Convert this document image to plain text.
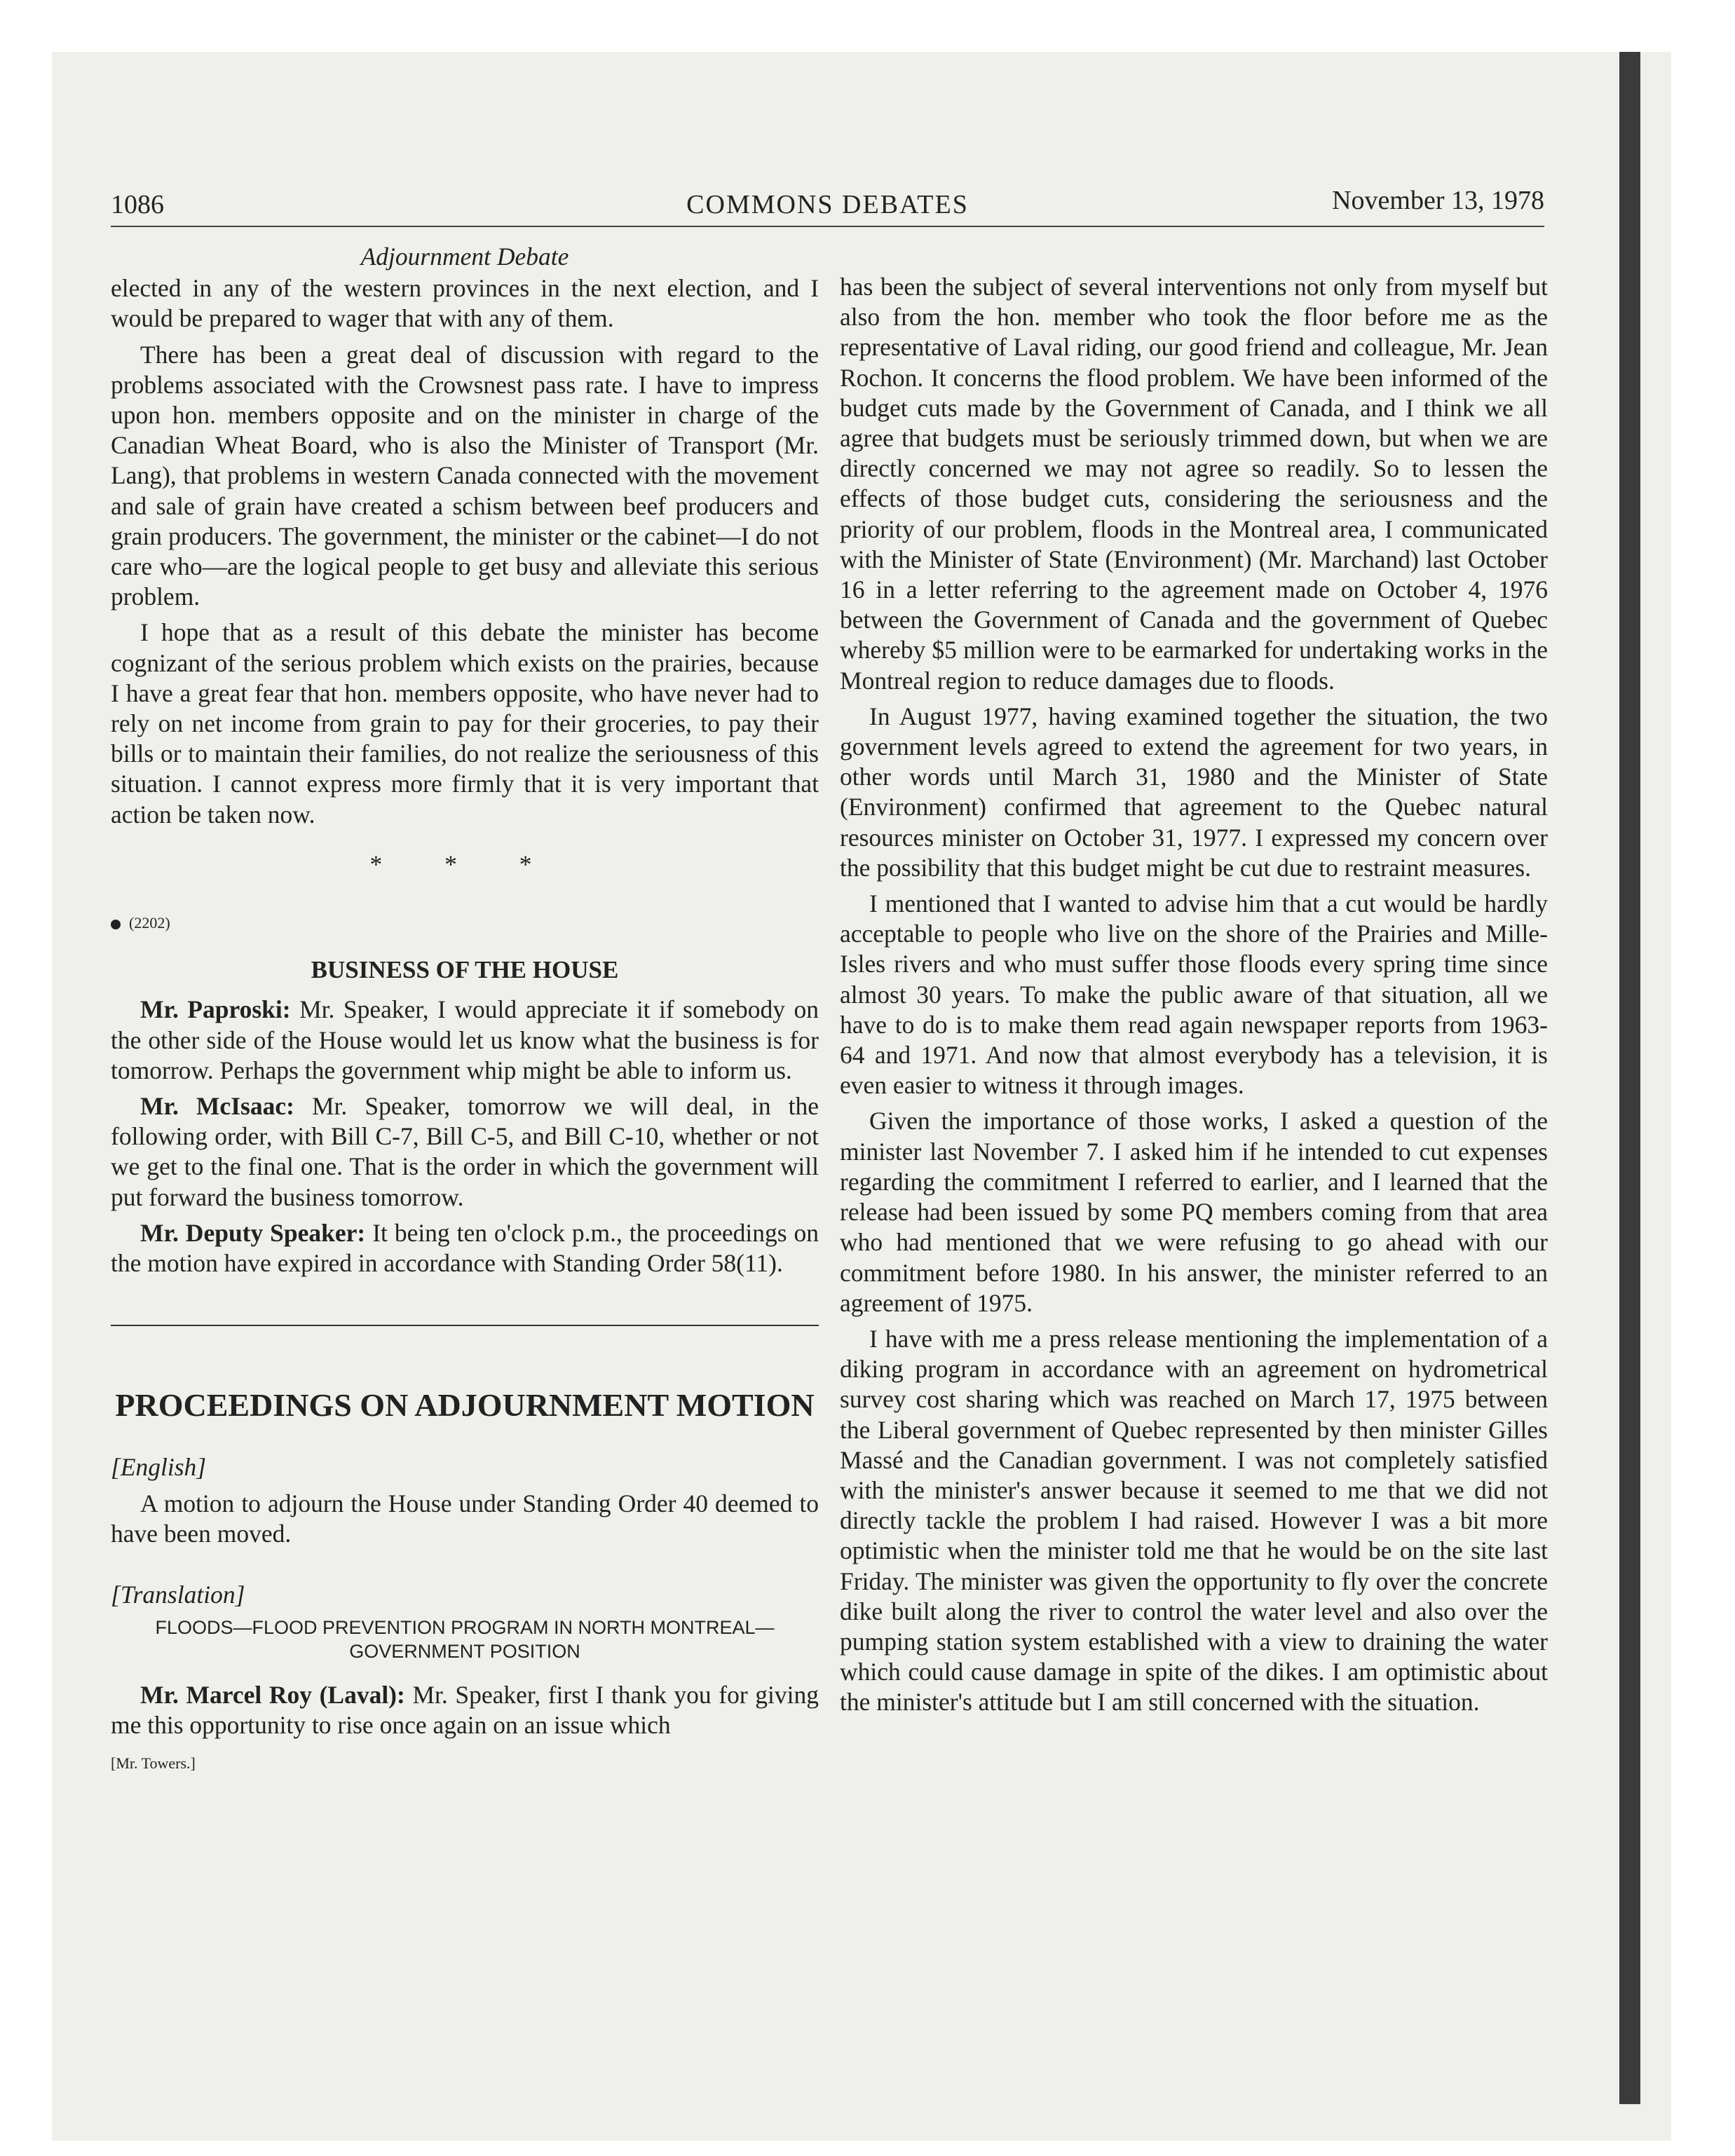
1086	COMMONS DEBATES	November 13, 1978
Adjournment Debate

elected in any of the western provinces in the next election, and I would be prepared to wager that with any of them.

There has been a great deal of discussion with regard to the problems associated with the Crowsnest pass rate. I have to impress upon hon. members opposite and on the minister in charge of the Canadian Wheat Board, who is also the Minister of Transport (Mr. Lang), that problems in western Canada connected with the movement and sale of grain have created a schism between beef producers and grain producers. The government, the minister or the cabinet—I do not care who—are the logical people to get busy and alleviate this serious problem.

I hope that as a result of this debate the minister has become cognizant of the serious problem which exists on the prairies, because I have a great fear that hon. members opposite, who have never had to rely on net income from grain to pay for their groceries, to pay their bills or to maintain their families, do not realize the seriousness of this situation. I cannot express more firmly that it is very important that action be taken now.

* * *
(2202)
BUSINESS OF THE HOUSE

Mr. Paproski: Mr. Speaker, I would appreciate it if somebody on the other side of the House would let us know what the business is for tomorrow. Perhaps the government whip might be able to inform us.

Mr. McIsaac: Mr. Speaker, tomorrow we will deal, in the following order, with Bill C-7, Bill C-5, and Bill C-10, whether or not we get to the final one. That is the order in which the government will put forward the business tomorrow.

Mr. Deputy Speaker: It being ten o'clock p.m., the proceedings on the motion have expired in accordance with Standing Order 58(11).

PROCEEDINGS ON ADJOURNMENT MOTION
[English]

A motion to adjourn the House under Standing Order 40 deemed to have been moved.

[Translation]
FLOODS—FLOOD PREVENTION PROGRAM IN NORTH MONTREAL—GOVERNMENT POSITION

Mr. Marcel Roy (Laval): Mr. Speaker, first I thank you for giving me this opportunity to rise once again on an issue which

[Mr. Towers.]

has been the subject of several interventions not only from myself but also from the hon. member who took the floor before me as the representative of Laval riding, our good friend and colleague, Mr. Jean Rochon. It concerns the flood problem. We have been informed of the budget cuts made by the Government of Canada, and I think we all agree that budgets must be seriously trimmed down, but when we are directly concerned we may not agree so readily. So to lessen the effects of those budget cuts, considering the seriousness and the priority of our problem, floods in the Montreal area, I communicated with the Minister of State (Environment) (Mr. Marchand) last October 16 in a letter referring to the agreement made on October 4, 1976 between the Government of Canada and the government of Quebec whereby $5 million were to be earmarked for undertaking works in the Montreal region to reduce damages due to floods.

In August 1977, having examined together the situation, the two government levels agreed to extend the agreement for two years, in other words until March 31, 1980 and the Minister of State (Environment) confirmed that agreement to the Quebec natural resources minister on October 31, 1977. I expressed my concern over the possibility that this budget might be cut due to restraint measures.

I mentioned that I wanted to advise him that a cut would be hardly acceptable to people who live on the shore of the Prairies and Mille-Isles rivers and who must suffer those floods every spring time since almost 30 years. To make the public aware of that situation, all we have to do is to make them read again newspaper reports from 1963-64 and 1971. And now that almost everybody has a television, it is even easier to witness it through images.

Given the importance of those works, I asked a question of the minister last November 7. I asked him if he intended to cut expenses regarding the commitment I referred to earlier, and I learned that the release had been issued by some PQ members coming from that area who had mentioned that we were refusing to go ahead with our commitment before 1980. In his answer, the minister referred to an agreement of 1975.

I have with me a press release mentioning the implementation of a diking program in accordance with an agreement on hydrometrical survey cost sharing which was reached on March 17, 1975 between the Liberal government of Quebec represented by then minister Gilles Massé and the Canadian government. I was not completely satisfied with the minister's answer because it seemed to me that we did not directly tackle the problem I had raised. However I was a bit more optimistic when the minister told me that he would be on the site last Friday. The minister was given the opportunity to fly over the concrete dike built along the river to control the water level and also over the pumping station system established with a view to draining the water which could cause damage in spite of the dikes. I am optimistic about the minister's attitude but I am still concerned with the situation.
